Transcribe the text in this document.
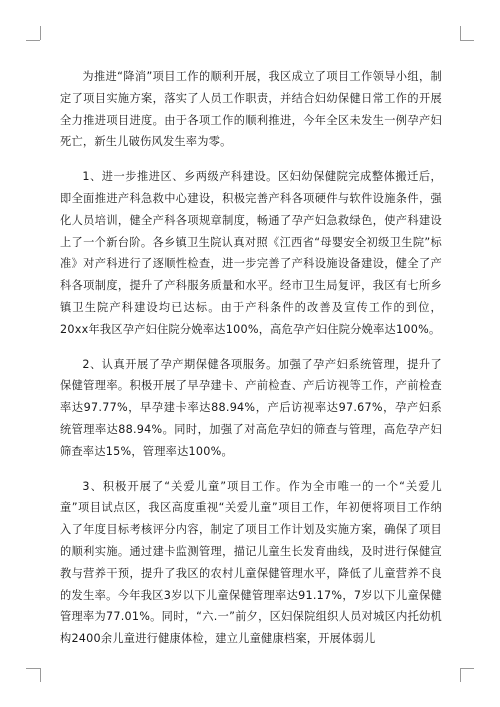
为推进“降消”项目工作的顺利开展，我区成立了项目工作领导小组，制定了项目实施方案，落实了人员工作职责，并结合妇幼保健日常工作的开展全力推进项目进度。由于各项工作的顺利推进，今年全区未发生一例孕产妇死亡，新生儿破伤风发生率为零。

1、进一步推进区、乡两级产科建设。区妇幼保健院完成整体搬迁后，即全面推进产科急救中心建设，积极完善产科各项硬件与软件设施条件，强化人员培训，健全产科各项规章制度，畅通了孕产妇急救绿色，使产科建设上了一个新台阶。各乡镇卫生院认真对照《江西省“母婴安全初级卫生院”标准》对产科进行了逐顺性检查，进一步完善了产科设施设备建设，健全了产科各项制度，提升了产科服务质量和水平。经市卫生局复评，我区有七所乡镇卫生院产科建设均已达标。由于产科条件的改善及宣传工作的到位，20xx年我区孕产妇住院分娩率达100%，高危孕产妇住院分娩率达100%。

2、认真开展了孕产期保健各项服务。加强了孕产妇系统管理，提升了保健管理率。积极开展了早孕建卡、产前检查、产后访视等工作，产前检查率达97.77%，早孕建卡率达88.94%，产后访视率达97.67%，孕产妇系统管理率达88.94%。同时，加强了对高危孕妇的筛查与管理，高危孕产妇筛查率达15%，管理率达100%。

3、积极开展了“关爱儿童”项目工作。作为全市唯一的一个“关爱儿童”项目试点区，我区高度重视“关爱儿童”项目工作，年初便将项目工作纳入了年度目标考核评分内容，制定了项目工作计划及实施方案，确保了项目的顺利实施。通过建卡监测管理，描记儿童生长发育曲线，及时进行保健宣教与营养干预，提升了我区的农村儿童保健管理水平，降低了儿童营养不良的发生率。今年我区3岁以下儿童保健管理率达91.17%，7岁以下儿童保健管理率为77.01%。同时，“六.一”前夕，区妇保院组织人员对城区内托幼机构2400余儿童进行健康体检，建立儿童健康档案，开展体弱儿
